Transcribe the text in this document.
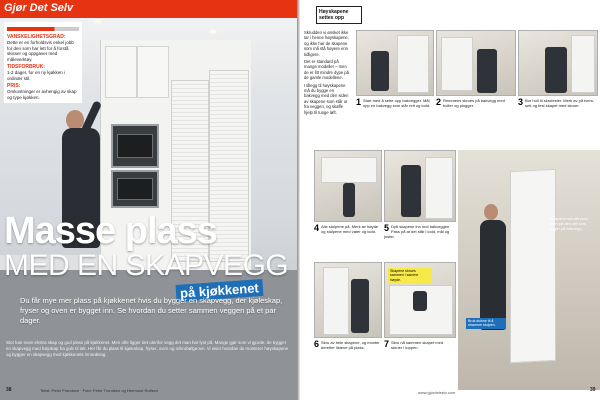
Gjør Det Selv
VANSKELIGHETSGRAD:

Dette er en forholdsvis enkel jobb for den som har lett for å forstå skisser og oppgaver med måleverktøy.

TIDSFORBRUK:

1-2 dager, for en ny kjøkken i ordinær stil.

PRIS:

Omkostninger er avhengig av skap og type kjøkken.

Masse plass
MED EN SKAPVEGG
på kjøkkenet

Du får mye mer plass på kjøkkenet hvis du bygger en skapvegg, der kjøleskap, fryser og oven er bygget inn. Se hvordan du setter sammen veggen på et par dager.

Stor kan noen ekstra skap og god plass på kjøkkenet. Men ofte ligger det utenfor vegg det man har lyst på. Mange gjør som vi gjorde: de bygger en skapvegg med høyskap fra gulv til tak. Her får du plass til kjøleskap, fryser, oven og mikrobølgeovn. Vi viser hvordan du monterer høyskapene og bygger en skapvegg med kjøkkenets innredning.

38	Tekst: Peter Frandsen · Foto: Peter Trondsen og Hermund Rolfsen

Høyskapene settes opp

Skrudden vi ønsket ikke tar i henne høyskapene, og ikke har de skapene som må stå høyere enn tidligere.

Det er standard på mange modeller – men de er litt mindre dype på de gamle modellene.

I tillegg til høyskapene må du bygge en bakvegg med den siden av skapene som står ut fra veggen, og skaffe hjelp til tunge løft.

1 Start med å sette opp bakvegger. Mål opp en bakvegg som står rett og lodd. 2 Remmens skrues på bakvegg med bolter og plugger.	3 Bor hull til skrufester. Merk av på tvers, sett og fest skapet med skruer.

4 Alle stolpene på. Merk av høyde og stolpene med vater og lodd. 5 Dytt skapene inn mot bakveggen. Pass på at det står i lodd, mål og juster.

Skapene skrues sammen i samme høyde.

6 Skru av hele skapene, og monter deretter listene på plass.	7 Skru nå sammen skapet med skruer i toppen.

Skapene må stå med start på den del som ligger på bakvegg.
Bruk skinne til å stramme stolpen.
www.gjordetselv.com	39
